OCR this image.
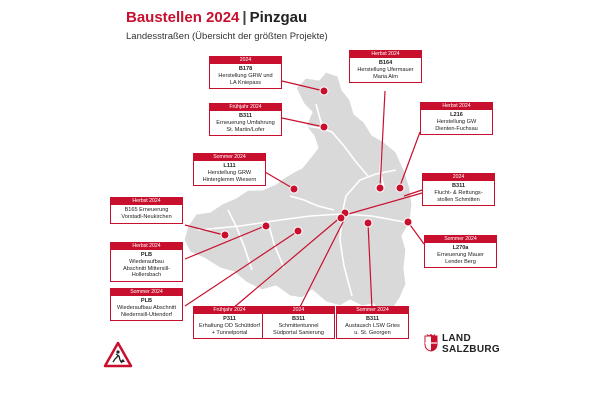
Baustellen 2024 | Pinzgau
Landesstraßen (Übersicht der größten Projekte)
2024
B178
Herstellung GRW und
LA Kniepass
Herbst 2024
B164
Herstellung Ufermauer
Maria Alm
Frühjahr 2024
B311
Erneuerung Umfahrung
St. Martin/Lofer
Herbst 2024
L216
Herstellung GW
Dienten-Fuchsau
Sommer 2024
L111
Herstellung GRW
Hinterglemm Wiesern	2024
B311
Flucht- & Rettungs-
stollen Schmitten
Herbst 2024
B165 Erneuerung
Vorstadl-Neukirchen
Sommer 2024
L270a
Erneuerung Mauer
Lender Berg
Herbst 2024
PLB
Wiederaufbau
Abschnitt Mittersill-
Hollersbach
Sommer 2024
PLB
Wiederaufbau Abschnitt
Niedernsill-Uttendorf
Frühjahr 2024
P311
Erhaltung OD Schüttdorf
+ Tunnelportal
2024
B311
Schmittentunnel
Südportal Sanierung
Sommer 2024
B311
Austausch LSW Gries
u. St. Georgen
LAND
SALZBURG
